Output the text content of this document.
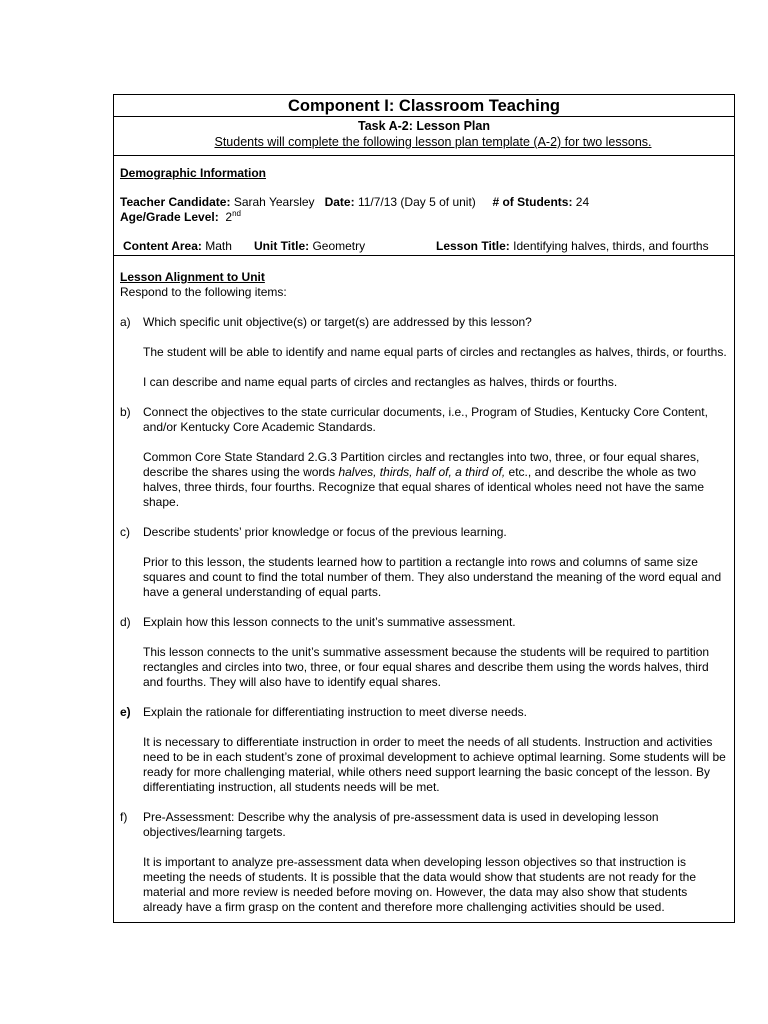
Component I: Classroom Teaching
Task A-2: Lesson Plan
Students will complete the following lesson plan template (A-2) for two lessons.
Demographic Information
Teacher Candidate: Sarah Yearsley Date: 11/7/13 (Day 5 of unit) # of Students: 24
Age/Grade Level: 2nd
Content Area: Math	Unit Title: Geometry	Lesson Title: Identifying halves, thirds, and fourths
Lesson Alignment to Unit
Respond to the following items:
a)	Which specific unit objective(s) or target(s) are addressed by this lesson?
The student will be able to identify and name equal parts of circles and rectangles as halves, thirds, or fourths.
I can describe and name equal parts of circles and rectangles as halves, thirds or fourths.
b)	Connect the objectives to the state curricular documents, i.e., Program of Studies, Kentucky Core Content, and/or Kentucky Core Academic Standards.
Common Core State Standard 2.G.3 Partition circles and rectangles into two, three, or four equal shares, describe the shares using the words halves, thirds, half of, a third of, etc., and describe the whole as two halves, three thirds, four fourths. Recognize that equal shares of identical wholes need not have the same shape.
c)	Describe students’ prior knowledge or focus of the previous learning.
Prior to this lesson, the students learned how to partition a rectangle into rows and columns of same size squares and count to find the total number of them. They also understand the meaning of the word equal and have a general understanding of equal parts.
d)	Explain how this lesson connects to the unit’s summative assessment.
This lesson connects to the unit’s summative assessment because the students will be required to partition rectangles and circles into two, three, or four equal shares and describe them using the words halves, third and fourths. They will also have to identify equal shares.
e)	Explain the rationale for differentiating instruction to meet diverse needs.
It is necessary to differentiate instruction in order to meet the needs of all students. Instruction and activities need to be in each student’s zone of proximal development to achieve optimal learning. Some students will be ready for more challenging material, while others need support learning the basic concept of the lesson. By differentiating instruction, all students needs will be met.
f)	Pre-Assessment: Describe why the analysis of pre-assessment data is used in developing lesson objectives/learning targets.
It is important to analyze pre-assessment data when developing lesson objectives so that instruction is meeting the needs of students. It is possible that the data would show that students are not ready for the material and more review is needed before moving on. However, the data may also show that students already have a firm grasp on the content and therefore more challenging activities should be used.
